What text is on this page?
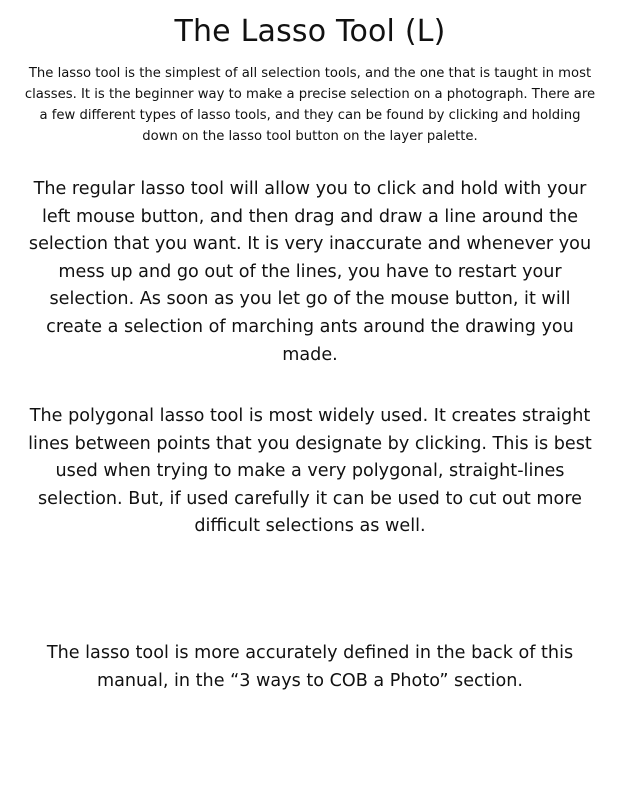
The Lasso Tool (L)

The lasso tool is the simplest of all selection tools, and the one that is taught in most classes. It is the beginner way to make a precise selection on a photograph. There are a few different types of lasso tools, and they can be found by clicking and holding down on the lasso tool button on the layer palette.

The regular lasso tool will allow you to click and hold with your left mouse button, and then drag and draw a line around the selection that you want. It is very inaccurate and whenever you mess up and go out of the lines, you have to restart your selection. As soon as you let go of the mouse button, it will create a selection of marching ants around the drawing you made.

The polygonal lasso tool is most widely used. It creates straight lines between points that you designate by clicking. This is best used when trying to make a very polygonal, straight-lines selection. But, if used carefully it can be used to cut out more difficult selections as well.

The lasso tool is more accurately defined in the back of this manual, in the “3 ways to COB a Photo” section.
